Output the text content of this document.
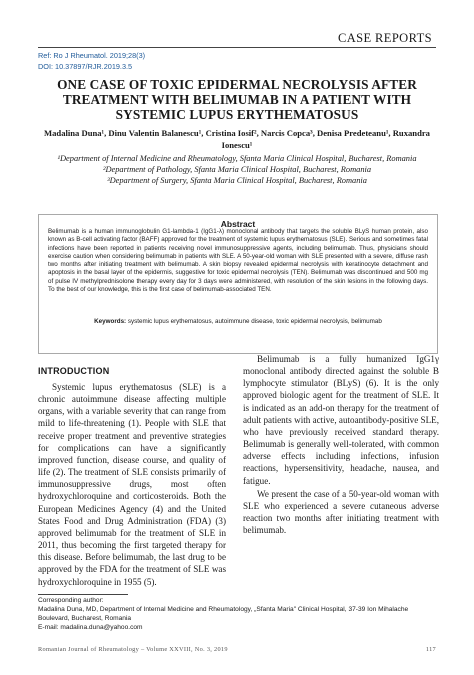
CASE REPORTS
Ref: Ro J Rheumatol. 2019;28(3)
DOI: 10.37897/RJR.2019.3.5
ONE CASE OF TOXIC EPIDERMAL NECROLYSIS AFTER TREATMENT WITH BELIMUMAB IN A PATIENT WITH SYSTEMIC LUPUS ERYTHEMATOSUS
Madalina Duna¹, Dinu Valentin Balanescu¹, Cristina Iosif², Narcis Copca³, Denisa Predeteanu¹, Ruxandra Ionescu¹
¹Department of Internal Medicine and Rheumatology, Sfanta Maria Clinical Hospital, Bucharest, Romania
²Department of Pathology, Sfanta Maria Clinical Hospital, Bucharest, Romania
³Department of Surgery, Sfanta Maria Clinical Hospital, Bucharest, Romania
Abstract
Belimumab is a human immunoglobulin G1-lambda-1 (IgG1-λ) monoclonal antibody that targets the soluble BLyS human protein, also known as B-cell activating factor (BAFF) approved for the treatment of systemic lupus erythematosus (SLE). Serious and sometimes fatal infections have been reported in patients receiving novel immunosuppressive agents, including belimumab. Thus, physicians should exercise caution when considering belimumab in patients with SLE. A 50-year-old woman with SLE presented with a severe, diffuse rash two months after initiating treatment with belimumab. A skin biopsy revealed epidermal necrolysis with keratinocyte detachment and apoptosis in the basal layer of the epidermis, suggestive for toxic epidermal necrolysis (TEN). Belimumab was discontinued and 500 mg of pulse IV methylprednisolone therapy every day for 3 days were administered, with resolution of the skin lesions in the following days. To the best of our knowledge, this is the first case of belimumab-associated TEN.
Keywords: systemic lupus erythematosus, autoimmune disease, toxic epidermal necrolysis, belimumab
INTRODUCTION

Systemic lupus erythematosus (SLE) is a chronic autoimmune disease affecting multiple organs, with a variable severity that can range from mild to life-threatening (1). People with SLE that receive proper treatment and preventive strategies for complications can have a significantly improved function, disease course, and quality of life (2). The treatment of SLE consists primarily of immunosuppressive drugs, most often hydroxychloroquine and corticosteroids. Both the European Medicines Agency (4) and the United States Food and Drug Administration (FDA) (3) approved belimumab for the treatment of SLE in 2011, thus becoming the first targeted therapy for this disease. Before belimumab, the last drug to be approved by the FDA for the treatment of SLE was hydroxychloroquine in 1955 (5).

Belimumab is a fully humanized IgG1γ monoclonal antibody directed against the soluble B lymphocyte stimulator (BLyS) (6). It is the only approved biologic agent for the treatment of SLE. It is indicated as an add-on therapy for the treatment of adult patients with active, autoantibody-positive SLE, who have previously received standard therapy. Belimumab is generally well-tolerated, with common adverse effects including infections, infusion reactions, hypersensitivity, headache, nausea, and fatigue.

We present the case of a 50-year-old woman with SLE who experienced a severe cutaneous adverse reaction two months after initiating treatment with belimumab.

Corresponding author:
Madalina Duna, MD, Department of Internal Medicine and Rheumatology, „Sfanta Maria" Clinical Hospital, 37-39 Ion Mihalache Boulevard, Bucharest, Romania
E-mail: madalina.duna@yahoo.com
Romanian Journal of Rheumatology – Volume XXVIII, No. 3, 2019	117
